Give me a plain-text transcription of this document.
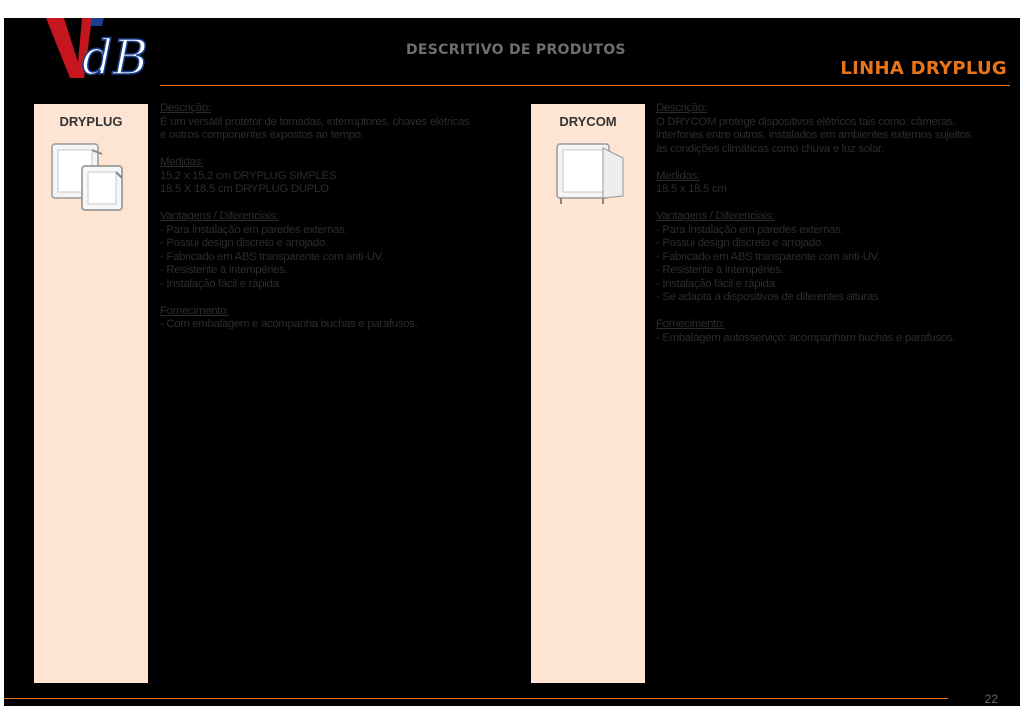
dB	DESCRITIVO DE PRODUTOS
LINHA DRYPLUG
DRYPLUG

Descrição:

É um versátil protetor de tomadas, interruptores, chaves elétricas

e outros componentes expostos ao tempo.

Medidas:

15,2 x 15,2 cm DRYPLUG SIMPLES

18,5 X 18,5 cm DRYPLUG DUPLO

Vantagens / Diferenciais:

- Para instalação em paredes externas.

- Possui design discreto e arrojado.

- Fabricado em ABS transparente com anti-UV.

- Resistente à intempéries.

- Instalação fácil e rápida.

Fornecimento:

- Com embalagem e acompanha buchas e parafusos.

DRYCOM

Descrição:

O DRYCOM protege dispositivos elétricos tais como: câmeras,

interfones entre outros, instalados em ambientes externos sujeitos

às condições climáticas como chuva e luz solar.

Medidas:

18,5 x 18,5 cm

Vantagens / Diferenciais:

- Para instalação em paredes externas.

- Possui design discreto e arrojado.

- Fabricado em ABS transparente com anti-UV.

- Resistente à intempéries.

- Instalação fácil e rápida.

- Se adapta a dispositivos de diferentes alturas

Fornecimento:

- Embalagem autosserviço: acompanham buchas e parafusos.

22
